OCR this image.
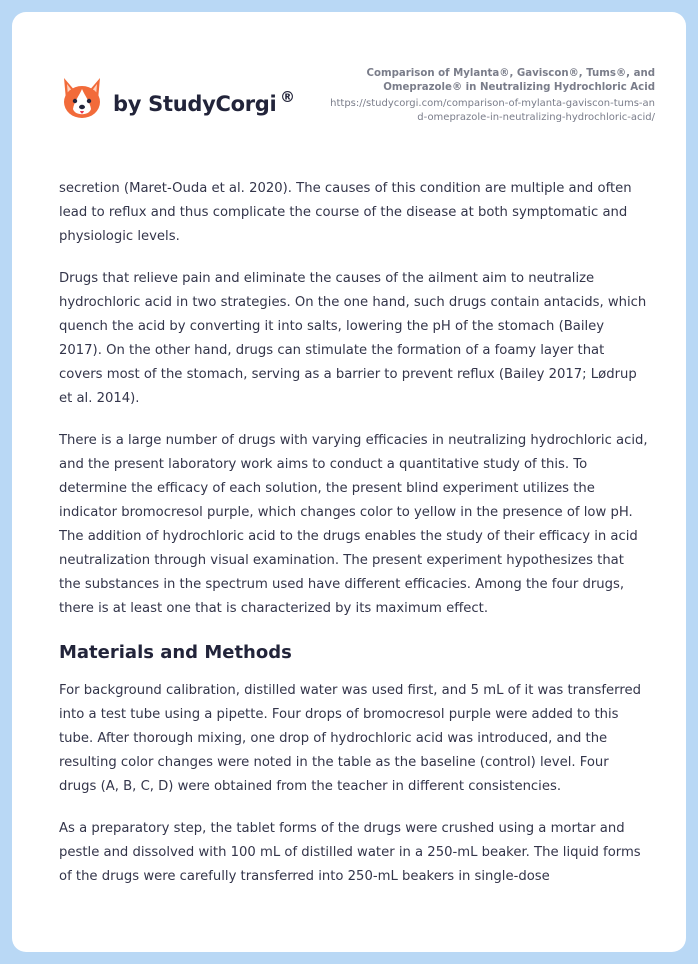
by StudyCorgi ®
Comparison of Mylanta®, Gaviscon®, Tums®, and Omeprazole® in Neutralizing Hydrochloric Acid
https://studycorgi.com/comparison-of-mylanta-gaviscon-tums-and-omeprazole-in-neutralizing-hydrochloric-acid/

secretion (Maret-Ouda et al. 2020). The causes of this condition are multiple and often lead to reflux and thus complicate the course of the disease at both symptomatic and physiologic levels.

Drugs that relieve pain and eliminate the causes of the ailment aim to neutralize hydrochloric acid in two strategies. On the one hand, such drugs contain antacids, which quench the acid by converting it into salts, lowering the pH of the stomach (Bailey 2017). On the other hand, drugs can stimulate the formation of a foamy layer that covers most of the stomach, serving as a barrier to prevent reflux (Bailey 2017; Lødrup et al. 2014).

There is a large number of drugs with varying efficacies in neutralizing hydrochloric acid, and the present laboratory work aims to conduct a quantitative study of this. To determine the efficacy of each solution, the present blind experiment utilizes the indicator bromocresol purple, which changes color to yellow in the presence of low pH. The addition of hydrochloric acid to the drugs enables the study of their efficacy in acid neutralization through visual examination. The present experiment hypothesizes that the substances in the spectrum used have different efficacies. Among the four drugs, there is at least one that is characterized by its maximum effect.

Materials and Methods

For background calibration, distilled water was used first, and 5 mL of it was transferred into a test tube using a pipette. Four drops of bromocresol purple were added to this tube. After thorough mixing, one drop of hydrochloric acid was introduced, and the resulting color changes were noted in the table as the baseline (control) level. Four drugs (A, B, C, D) were obtained from the teacher in different consistencies.

As a preparatory step, the tablet forms of the drugs were crushed using a mortar and pestle and dissolved with 100 mL of distilled water in a 250-mL beaker. The liquid forms of the drugs were carefully transferred into 250-mL beakers in single-dose
